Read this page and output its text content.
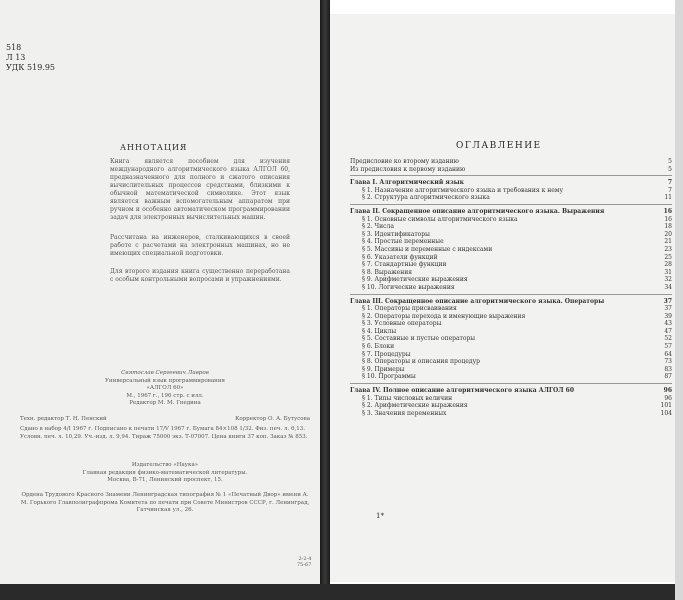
518
Л 13
УДК 519.95
АННОТАЦИЯ
Книга является пособием для изучения международного алгоритмического языка АЛГОЛ 60, предназначенного для полного и сжатого описания вычислительных процессов средствами, близкими к обычной математической символике. Этот язык является важным вспомогательным аппаратом при ручном и особенно автоматическом программировании задач для электронных вычислительных машин.
Рассчитана на инженеров, сталкивающихся в своей работе с расчетами на электронных машинах, но не имеющих специальной подготовки.
Для второго издания книга существенно переработана с особым контрольными вопросами и упражнениями.
Святослав Сергеевич Лавров
Универсальный язык программирования
«АЛГОЛ 60»
М., 1967 г., 196 стр. с илл.
Редактор М. М. Гнедина
Техн. редактор Т. Н. Пенский	Корректор О. А. Бутусова
Сдано в набор 4/I 1967 г. Подписано к печати 17/V 1967 г. Бумага 84×108 1/32. Физ. печ. л. 6,13. Условн. печ. л. 10,29. Уч.-изд. л. 9,94. Тираж 75000 экз. Т-07007. Цена книги 37 коп. Заказ № 853.
Издательство «Наука»
Главная редакция физико-математической литературы.
Москва, В-71, Ленинский проспект, 15.
Ордена Трудового Красного Знамени Ленинградская типография № 1 «Печатный Двор» имени А. М. Горького Главполиграфпрома Комитета по печати при Совете Министров СССР, г. Ленинград, Гатчинская ул., 26.
2-2-4
75-67
ОГЛАВЛЕНИЕ
Предисловие ко второму изданию	5
Из предисловия к первому изданию	5
Глава I. Алгоритмический язык	7
§ 1. Назначение алгоритмического языка и требования к нему	7
§ 2. Структура алгоритмического языка	11
Глава II. Сокращенное описание алгоритмического языка. Выражения	16
§ 1. Основные символы алгоритмического языка	16
§ 2. Числа	18
§ 3. Идентификаторы	20
§ 4. Простые переменные	21
§ 5. Массивы и переменные с индексами	23
§ 6. Указатели функций	25
§ 7. Стандартные функции	28
§ 8. Выражения	31
§ 9. Арифметические выражения	32
§ 10. Логические выражения	34
Глава III. Сокращенное описание алгоритмического языка. Операторы	37
§ 1. Операторы присваивания	37
§ 2. Операторы перехода и именующие выражения	39
§ 3. Условные операторы	43
§ 4. Циклы	47
§ 5. Составные и пустые операторы	52
§ 6. Блоки	57
§ 7. Процедуры	64
§ 8. Операторы и описания процедур	73
§ 9. Примеры	83
§ 10. Программы	87
Глава IV. Полное описание алгоритмического языка АЛГОЛ 60	96
§ 1. Типы числовых величин	96
§ 2. Арифметические выражения	101
§ 3. Значения переменных	104
1*
